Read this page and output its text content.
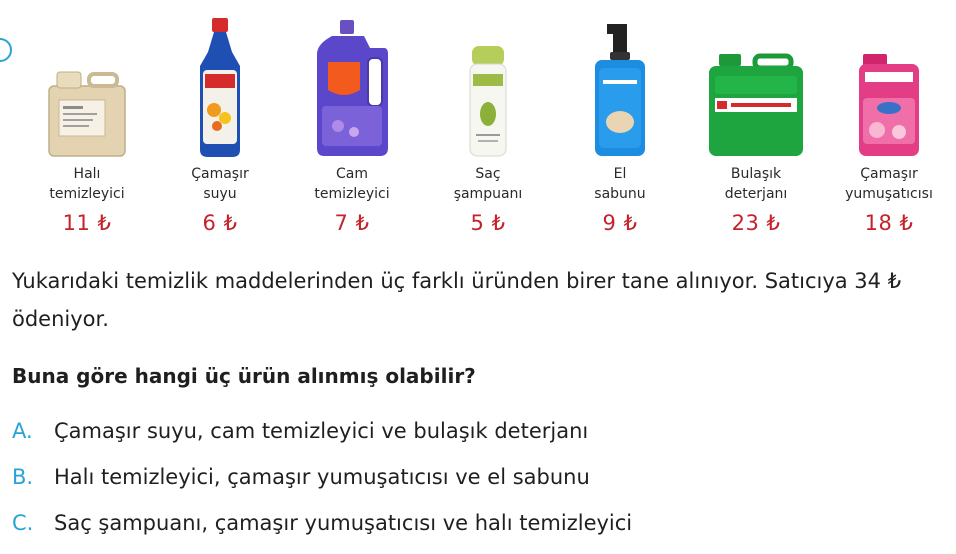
Halı
temizleyici
11 ₺
Çamaşır
suyu
6 ₺
Cam
temizleyici
7 ₺
Saç
şampuanı
5 ₺
El
sabunu
9 ₺
Bulaşık
deterjanı
23 ₺
Çamaşır
yumuşatıcısı
18 ₺
Yukarıdaki temizlik maddelerinden üç farklı üründen birer tane alınıyor. Satıcıya 34 ₺ ödeniyor.
Buna göre hangi üç ürün alınmış olabilir?
A. Çamaşır suyu, cam temizleyici ve bulaşık deterjanı
B. Halı temizleyici, çamaşır yumuşatıcısı ve el sabunu
C. Saç şampuanı, çamaşır yumuşatıcısı ve halı temizleyici
